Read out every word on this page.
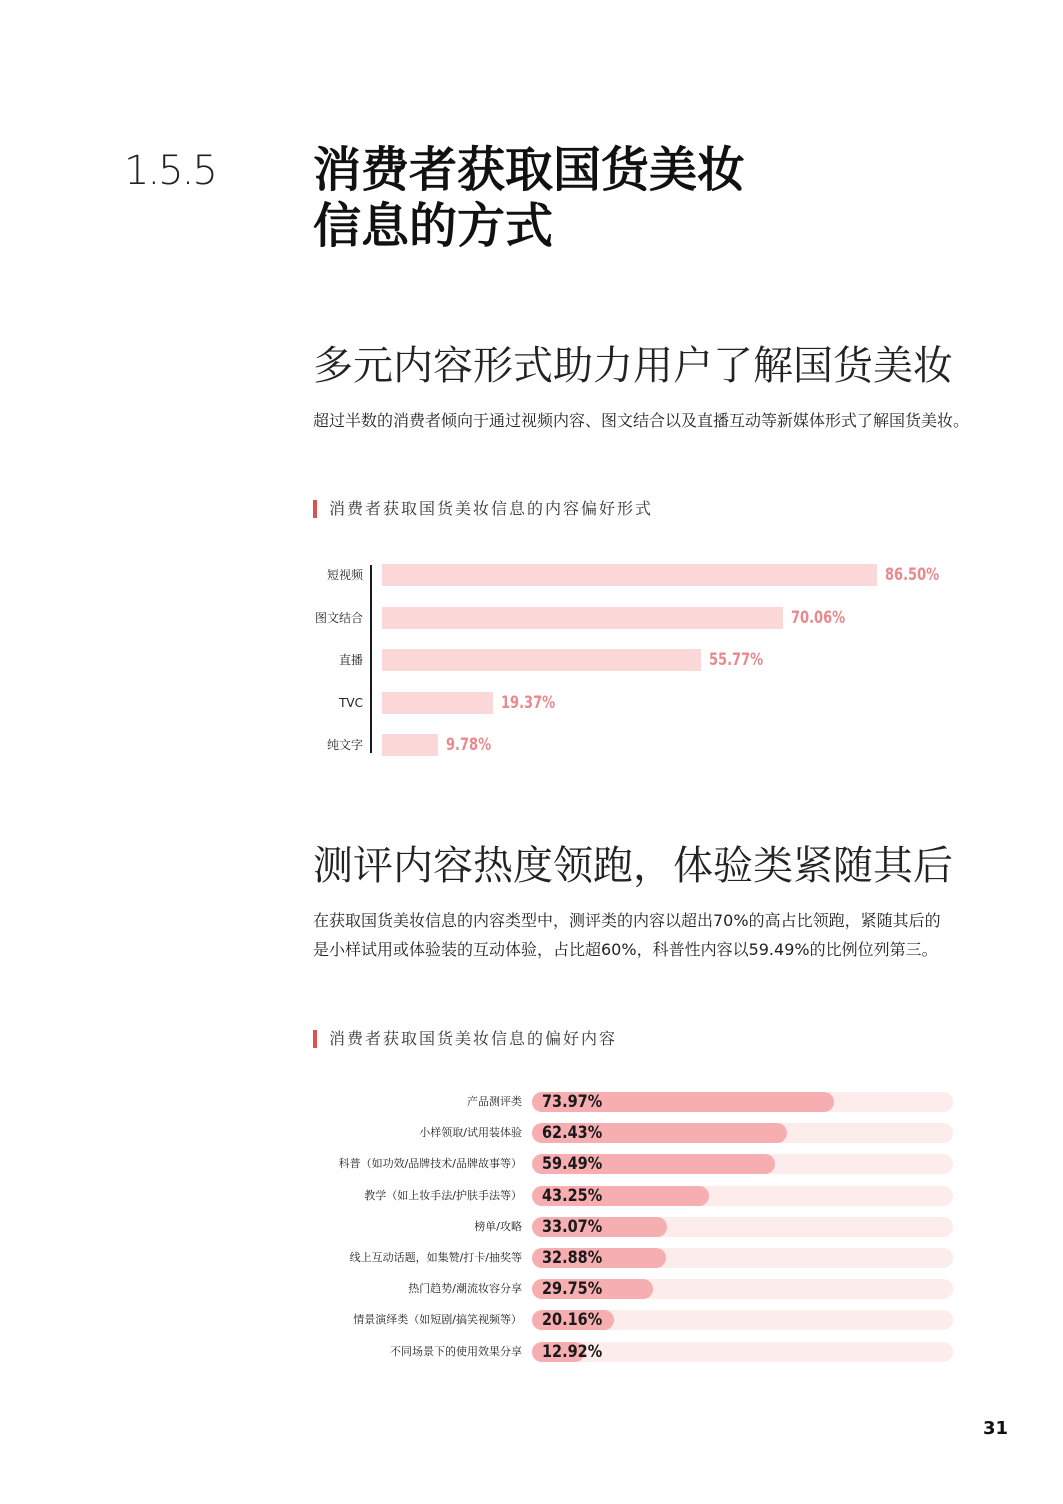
1.5.5 消费者获取国货美妆
信息的方式
多元内容形式助力用户了解国货美妆

超过半数的消费者倾向于通过视频内容、图文结合以及直播互动等新媒体形式了解国货美妆。

消费者获取国货美妆信息的内容偏好形式
短视频	86.50%
图文结合	70.06%
直播	55.77%
TVC	19.37%
纯文字	9.78%
测评内容热度领跑，体验类紧随其后

在获取国货美妆信息的内容类型中，测评类的内容以超出70%的高占比领跑，紧随其后的
是小样试用或体验装的互动体验，占比超60%，科普性内容以59.49%的比例位列第三。

消费者获取国货美妆信息的偏好内容
产品测评类 73.97%
小样领取/试用装体验 62.43%
科普（如功效/品牌技术/品牌故事等） 59.49%
教学（如上妆手法/护肤手法等） 43.25%
榜单/攻略 33.07%
线上互动话题，如集赞/打卡/抽奖等 32.88%
热门趋势/潮流妆容分享 29.75%
情景演绎类（如短剧/搞笑视频等） 20.16%
不同场景下的使用效果分享 12.92%
31
